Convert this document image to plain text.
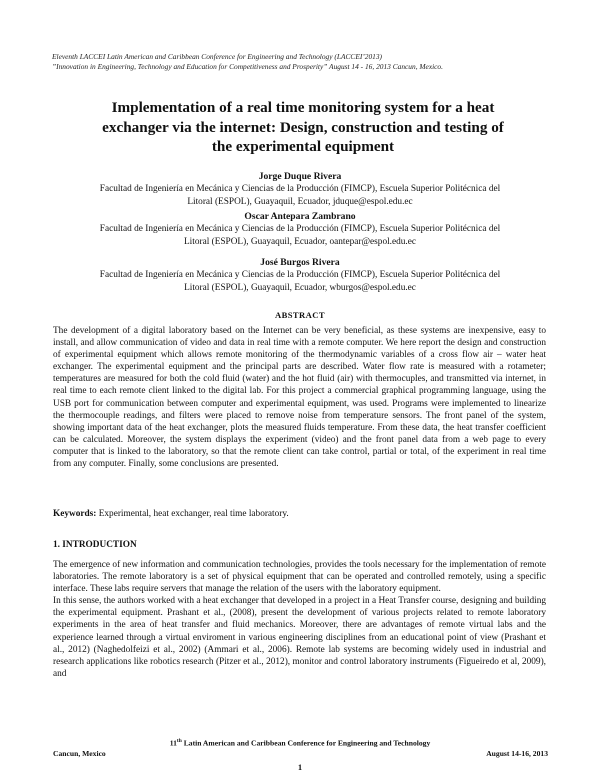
Eleventh LACCEI Latin American and Caribbean Conference for Engineering and Technology (LACCEI’2013)
”Innovation in Engineering, Technology and Education for Competitiveness and Prosperity” August 14 - 16, 2013 Cancun, Mexico.
Implementation of a real time monitoring system for a heat
exchanger via the internet: Design, construction and testing of
the experimental equipment
Jorge Duque Rivera
Facultad de Ingeniería en Mecánica y Ciencias de la Producción (FIMCP), Escuela Superior Politécnica del
Litoral (ESPOL), Guayaquil, Ecuador, jduque@espol.edu.ec
Oscar Antepara Zambrano
Facultad de Ingeniería en Mecánica y Ciencias de la Producción (FIMCP), Escuela Superior Politécnica del
Litoral (ESPOL), Guayaquil, Ecuador, oantepar@espol.edu.ec
José Burgos Rivera
Facultad de Ingeniería en Mecánica y Ciencias de la Producción (FIMCP), Escuela Superior Politécnica del
Litoral (ESPOL), Guayaquil, Ecuador, wburgos@espol.edu.ec
ABSTRACT

The development of a digital laboratory based on the Internet can be very beneficial, as these systems are inexpensive, easy to install, and allow communication of video and data in real time with a remote computer. We here report the design and construction of experimental equipment which allows remote monitoring of the thermodynamic variables of a cross flow air – water heat exchanger. The experimental equipment and the principal parts are described. Water flow rate is measured with a rotameter; temperatures are measured for both the cold fluid (water) and the hot fluid (air) with thermocuples, and transmitted via internet, in real time to each remote client linked to the digital lab. For this project a commercial graphical programming language, using the USB port for communication between computer and experimental equipment, was used. Programs were implemented to linearize the thermocouple readings, and filters were placed to remove noise from temperature sensors. The front panel of the system, showing important data of the heat exchanger, plots the measured fluids temperature. From these data, the heat transfer coefficient can be calculated. Moreover, the system displays the experiment (video) and the front panel data from a web page to every computer that is linked to the laboratory, so that the remote client can take control, partial or total, of the experiment in real time from any computer. Finally, some conclusions are presented.

Keywords: Experimental, heat exchanger, real time laboratory.
1. INTRODUCTION

The emergence of new information and communication technologies, provides the tools necessary for the implementation of remote laboratories. The remote laboratory is a set of physical equipment that can be operated and controlled remotely, using a specific interface. These labs require servers that manage the relation of the users with the laboratory equipment.

In this sense, the authors worked with a heat exchanger that developed in a project in a Heat Transfer course, designing and building the experimental equipment. Prashant et al., (2008), present the development of various projects related to remote laboratory experiments in the area of heat transfer and fluid mechanics. Moreover, there are advantages of remote virtual labs and the experience learned through a virtual enviroment in various engineering disciplines from an educational point of view (Prashant et al., 2012) (Naghedolfeizi et al., 2002) (Ammari et al., 2006). Remote lab systems are becoming widely used in industrial and research applications like robotics research (Pitzer et al., 2012), monitor and control laboratory instruments (Figueiredo et al, 2009), and

11th Latin American and Caribbean Conference for Engineering and Technology
Cancun, Mexico	August 14-16, 2013
1
